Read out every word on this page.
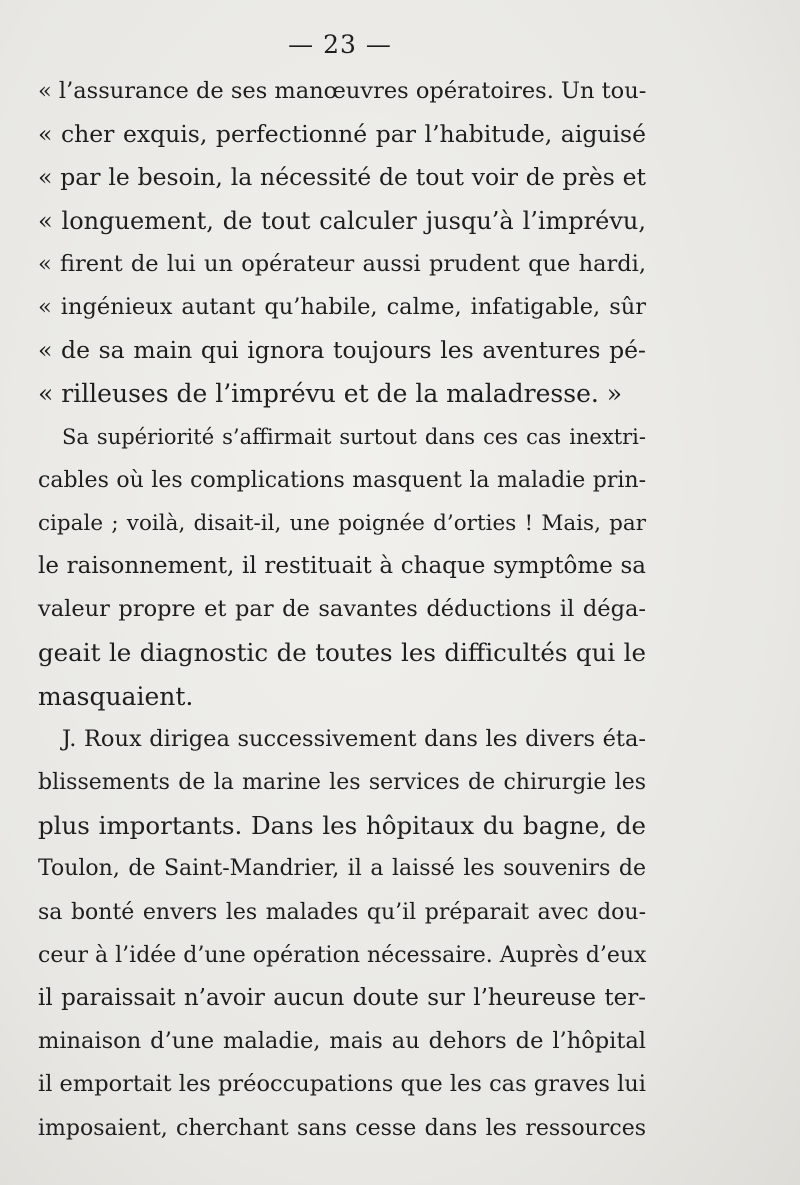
— 23 —
« l’assurance de ses manœuvres opératoires. Un tou-
« cher exquis, perfectionné par l’habitude, aiguisé
« par le besoin, la nécessité de tout voir de près et
« longuement, de tout calculer jusqu’à l’imprévu,
« firent de lui un opérateur aussi prudent que hardi,
« ingénieux autant qu’habile, calme, infatigable, sûr
« de sa main qui ignora toujours les aventures pé-
« rilleuses de l’imprévu et de la maladresse. »
Sa supériorité s’affirmait surtout dans ces cas inextri-
cables où les complications masquent la maladie prin-
cipale ; voilà, disait-il, une poignée d’orties ! Mais, par
le raisonnement, il restituait à chaque symptôme sa
valeur propre et par de savantes déductions il déga-
geait le diagnostic de toutes les difficultés qui le
masquaient.
J. Roux dirigea successivement dans les divers éta-
blissements de la marine les services de chirurgie les
plus importants. Dans les hôpitaux du bagne, de
Toulon, de Saint-Mandrier, il a laissé les souvenirs de
sa bonté envers les malades qu’il préparait avec dou-
ceur à l’idée d’une opération nécessaire. Auprès d’eux
il paraissait n’avoir aucun doute sur l’heureuse ter-
minaison d’une maladie, mais au dehors de l’hôpital
il emportait les préoccupations que les cas graves lui
imposaient, cherchant sans cesse dans les ressources
